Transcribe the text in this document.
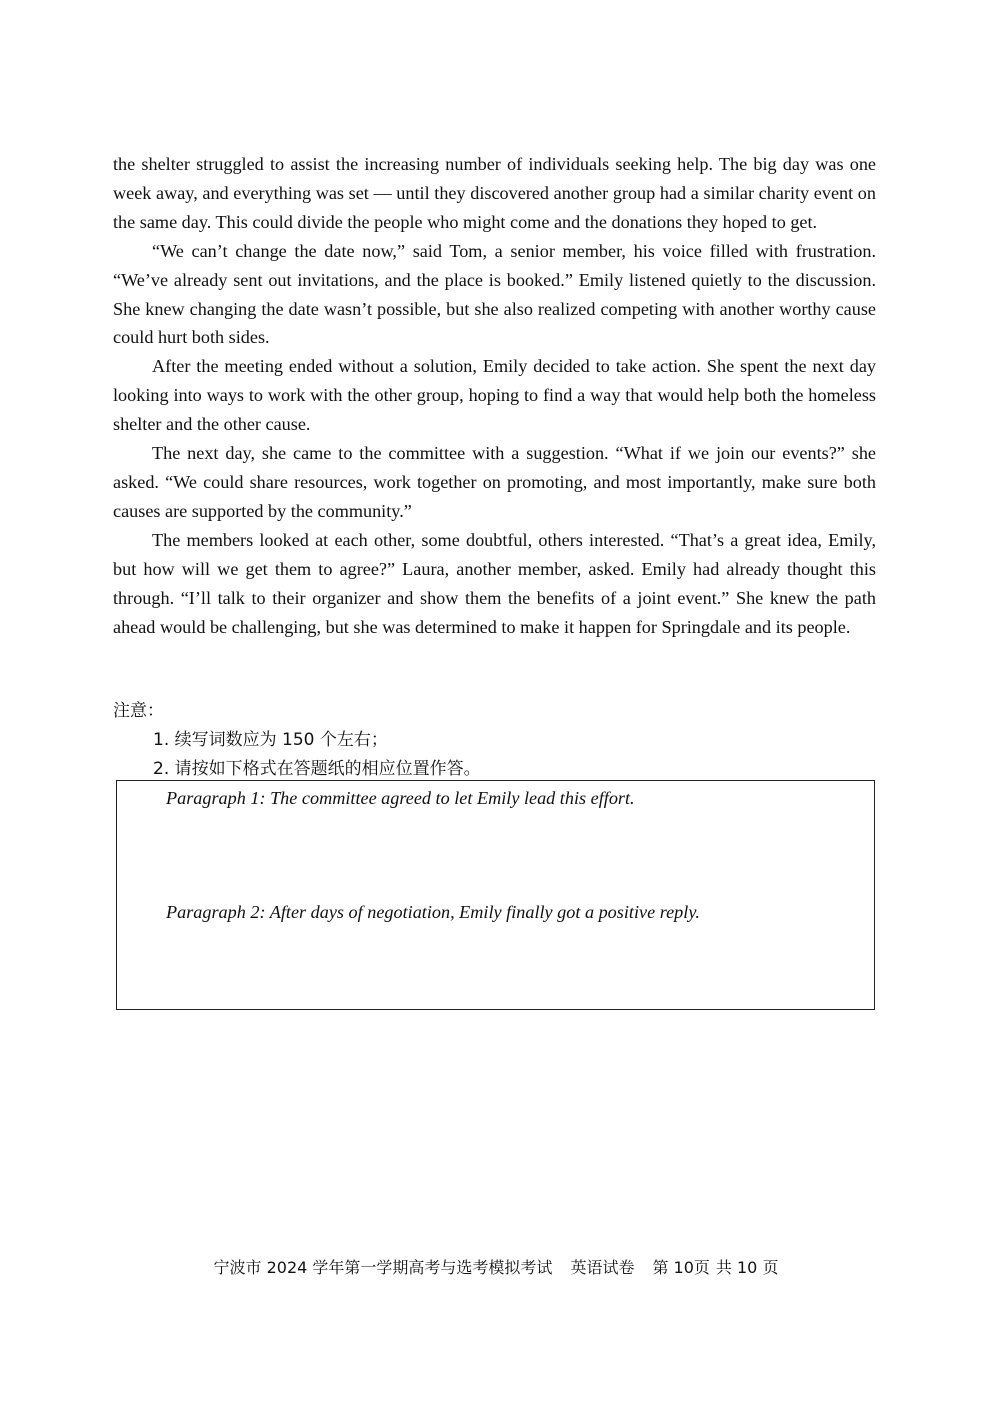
the shelter struggled to assist the increasing number of individuals seeking help. The big day was one week away, and everything was set — until they discovered another group had a similar charity event on the same day. This could divide the people who might come and the donations they hoped to get.

“We can’t change the date now,” said Tom, a senior member, his voice filled with frustration. “We’ve already sent out invitations, and the place is booked.” Emily listened quietly to the discussion. She knew changing the date wasn’t possible, but she also realized competing with another worthy cause could hurt both sides.

After the meeting ended without a solution, Emily decided to take action. She spent the next day looking into ways to work with the other group, hoping to find a way that would help both the homeless shelter and the other cause.

The next day, she came to the committee with a suggestion. “What if we join our events?” she asked. “We could share resources, work together on promoting, and most importantly, make sure both causes are supported by the community.”

The members looked at each other, some doubtful, others interested. “That’s a great idea, Emily, but how will we get them to agree?” Laura, another member, asked. Emily had already thought this through. “I’ll talk to their organizer and show them the benefits of a joint event.” She knew the path ahead would be challenging, but she was determined to make it happen for Springdale and its people.

注意：

1. 续写词数应为 150 个左右；

2. 请按如下格式在答题纸的相应位置作答。

Paragraph 1: The committee agreed to let Emily lead this effort.
Paragraph 2: After days of negotiation, Emily finally got a positive reply.
宁波市 2024 学年第一学期高考与选考模拟考试 英语试卷 第 10页 共 10 页
